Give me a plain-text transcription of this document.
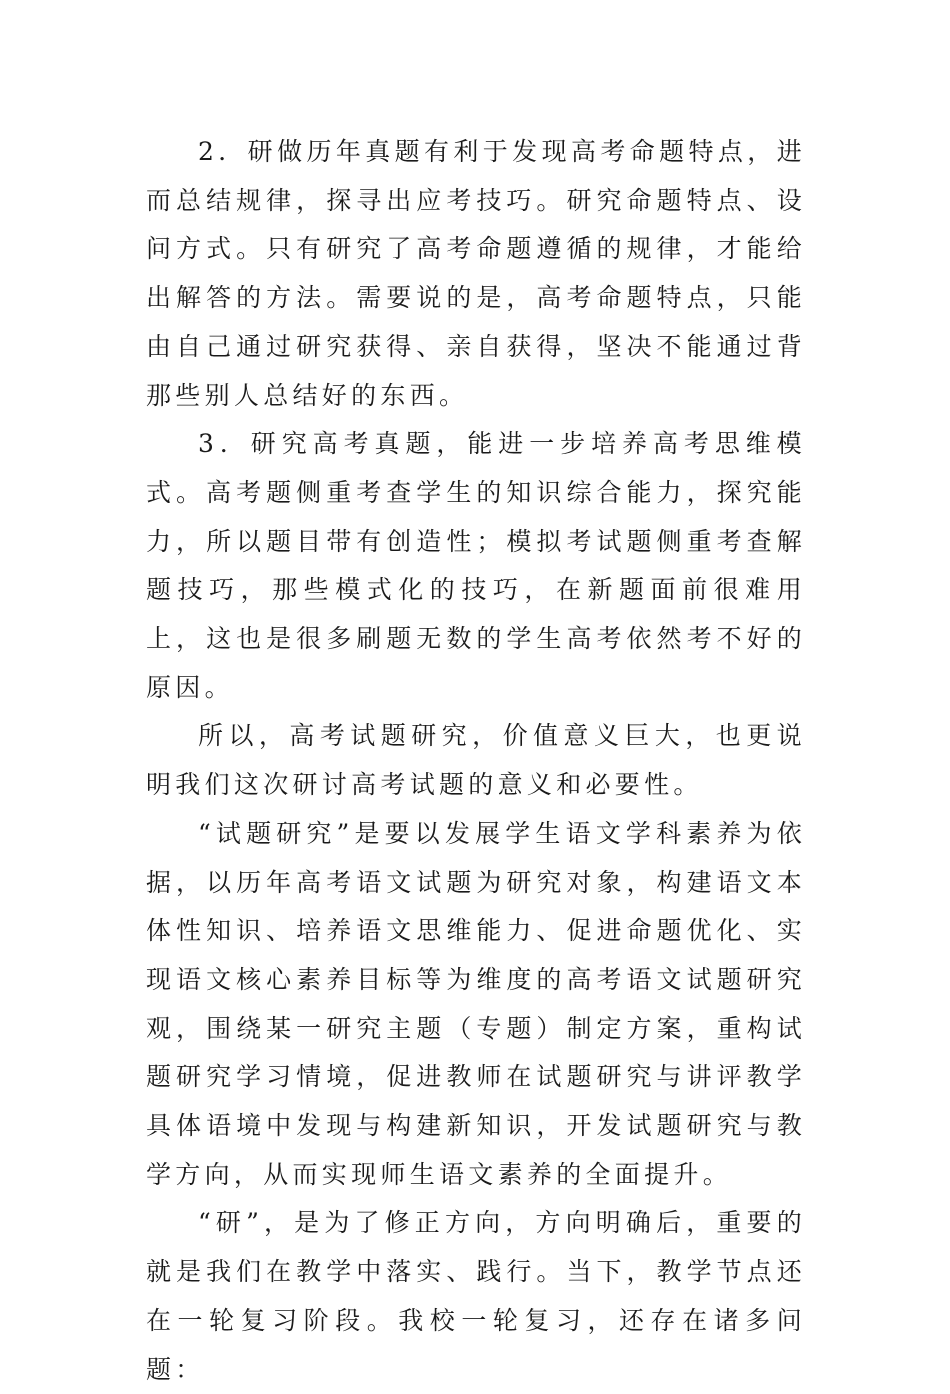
2．研做历年真题有利于发现高考命题特点，进而总结规律，探寻出应考技巧。研究命题特点、设问方式。只有研究了高考命题遵循的规律，才能给出解答的方法。需要说的是，高考命题特点，只能由自己通过研究获得、亲自获得，坚决不能通过背那些别人总结好的东西。

3．研究高考真题，能进一步培养高考思维模式。高考题侧重考查学生的知识综合能力，探究能力，所以题目带有创造性；模拟考试题侧重考查解题技巧，那些模式化的技巧，在新题面前很难用上，这也是很多刷题无数的学生高考依然考不好的原因。

所以，高考试题研究，价值意义巨大，也更说明我们这次研讨高考试题的意义和必要性。

“试题研究”是要以发展学生语文学科素养为依据，以历年高考语文试题为研究对象，构建语文本体性知识、培养语文思维能力、促进命题优化、实现语文核心素养目标等为维度的高考语文试题研究观，围绕某一研究主题（专题）制定方案，重构试题研究学习情境，促进教师在试题研究与讲评教学具体语境中发现与构建新知识，开发试题研究与教学方向，从而实现师生语文素养的全面提升。

“研”，是为了修正方向，方向明确后，重要的就是我们在教学中落实、践行。当下，教学节点还在一轮复习阶段。我校一轮复习，还存在诸多问题：
